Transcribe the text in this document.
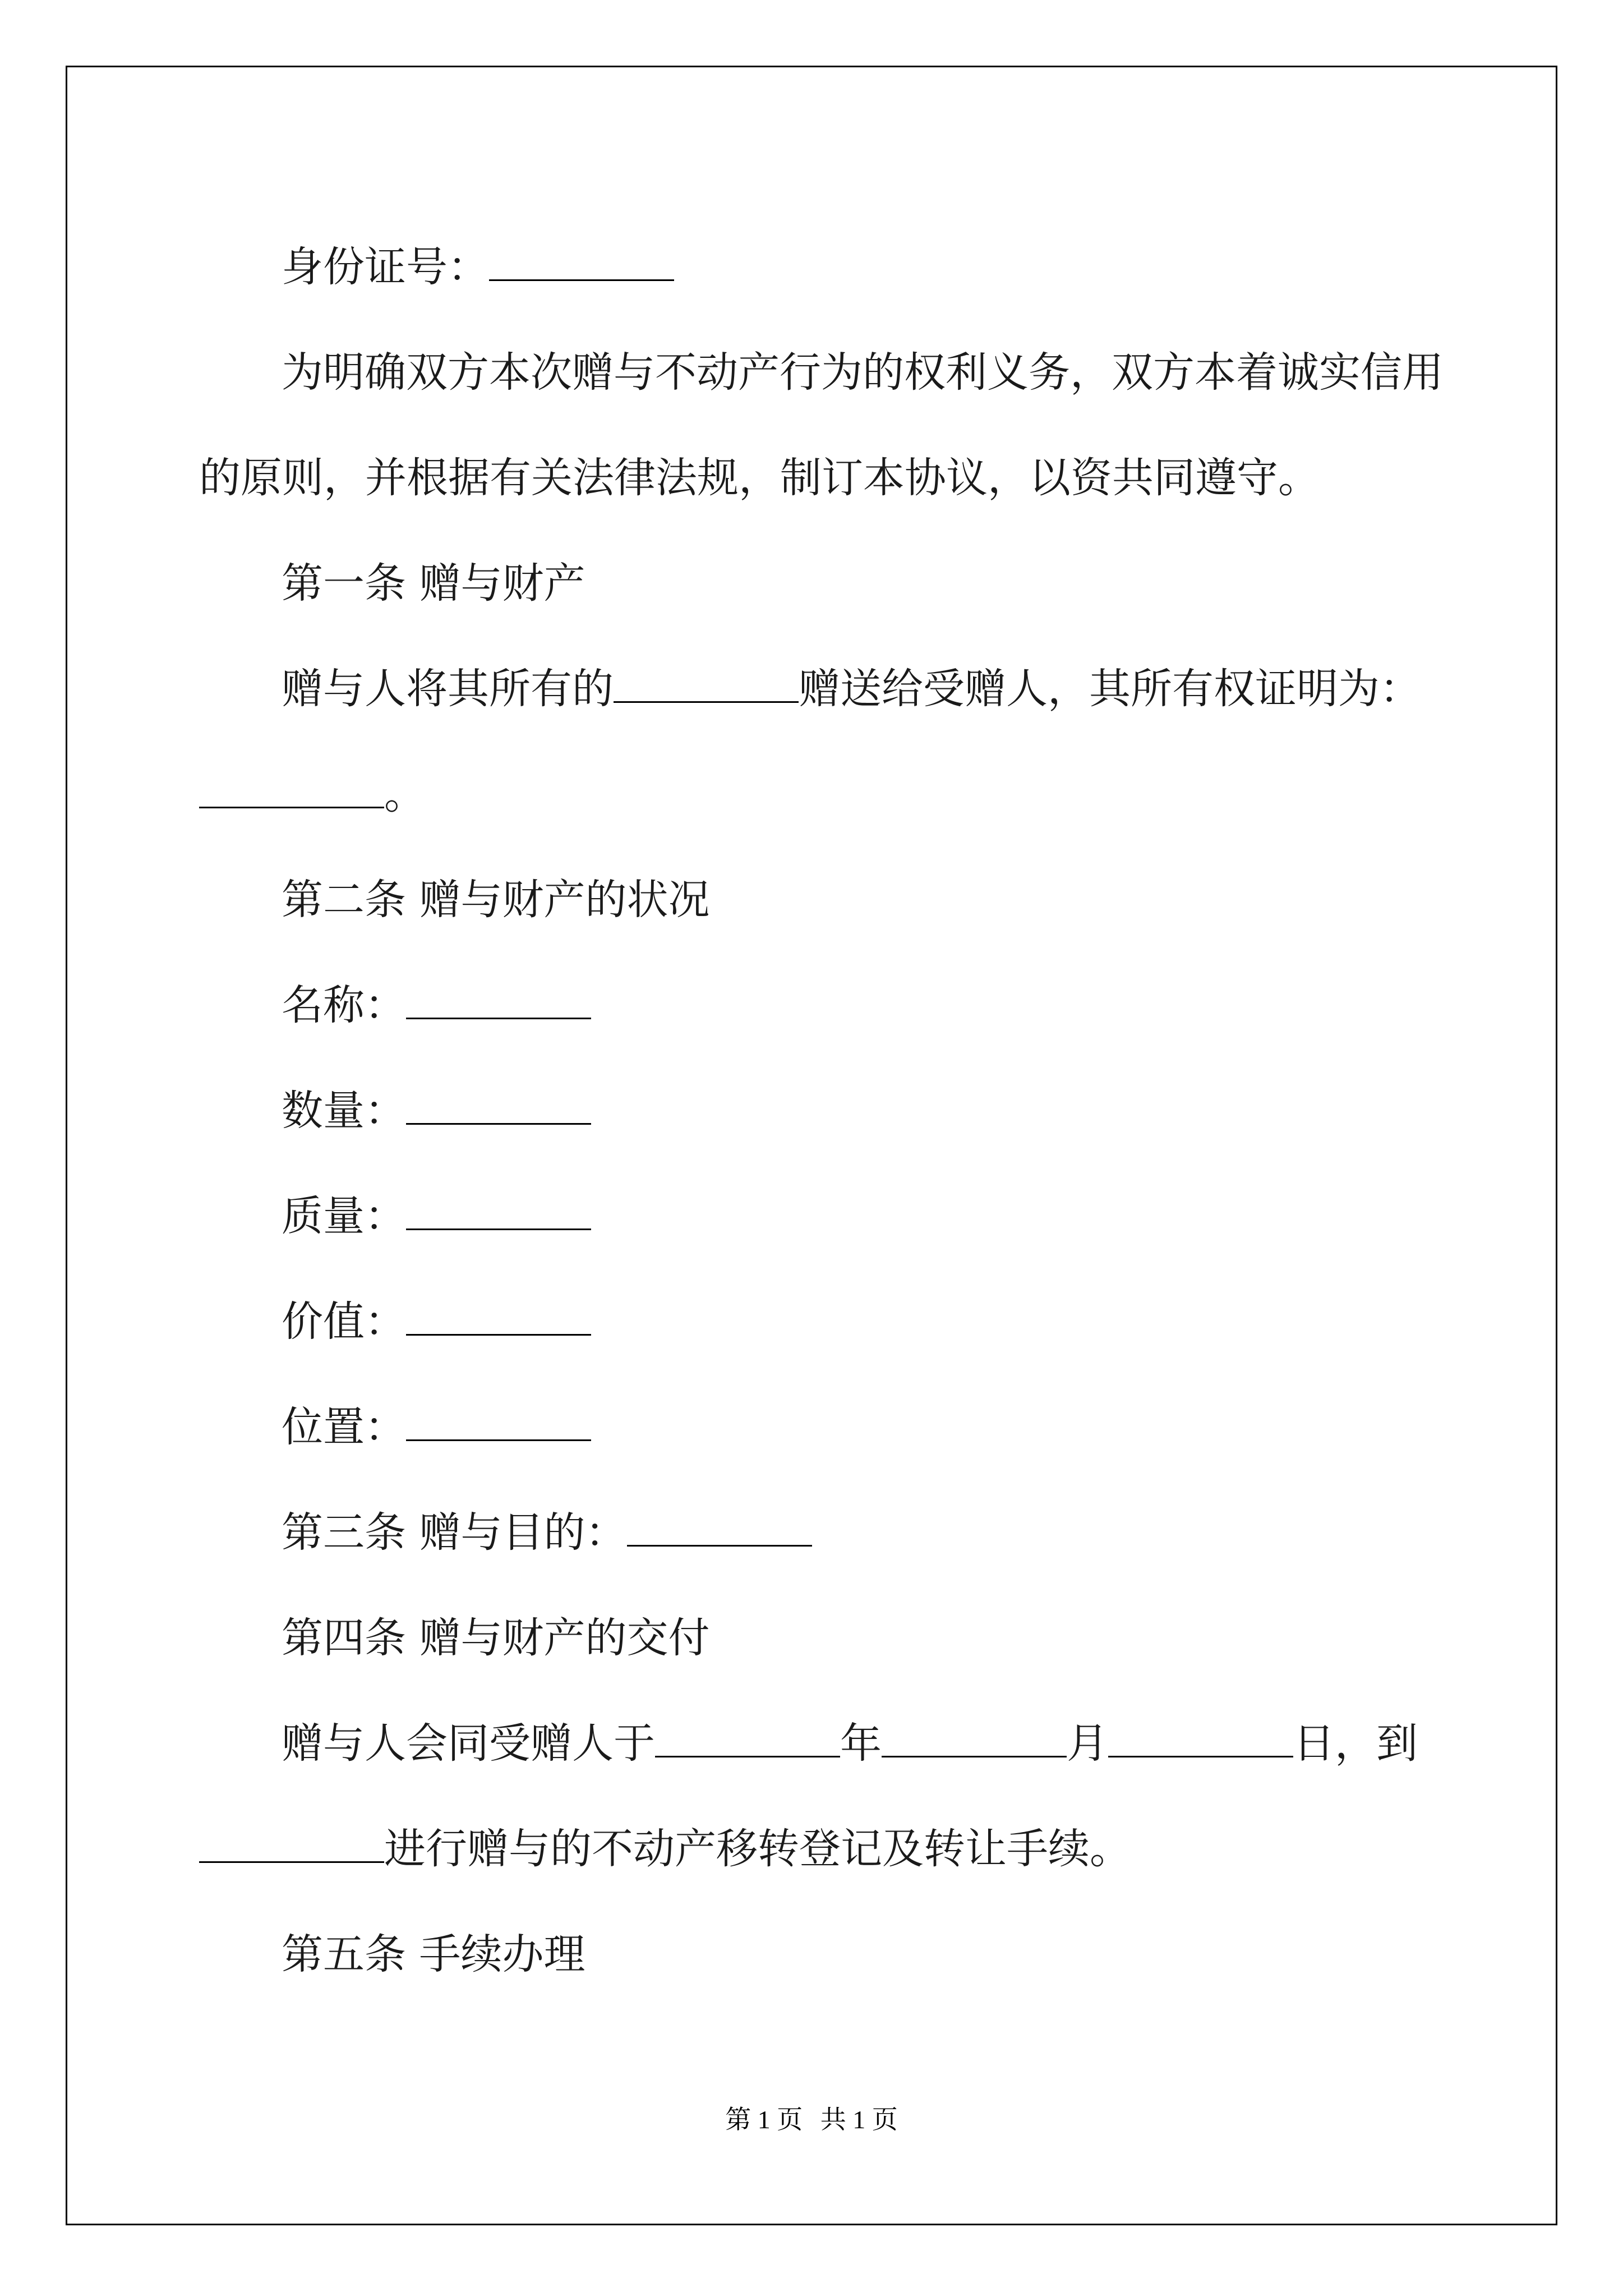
身份证号：

为明确双方本次赠与不动产行为的权利义务，双方本着诚实信用

的原则，并根据有关法律法规，制订本协议，以资共同遵守。

第一条 赠与财产

赠与人将其所有的	赠送给受赠人，其所有权证明为：

。

第二条 赠与财产的状况

名称：

数量：

质量：

价值：

位置：

第三条 赠与目的：

第四条 赠与财产的交付

赠与人会同受赠人于	年	月	日，到

进行赠与的不动产移转登记及转让手续。

第五条 手续办理

第 1 页 共 1 页
